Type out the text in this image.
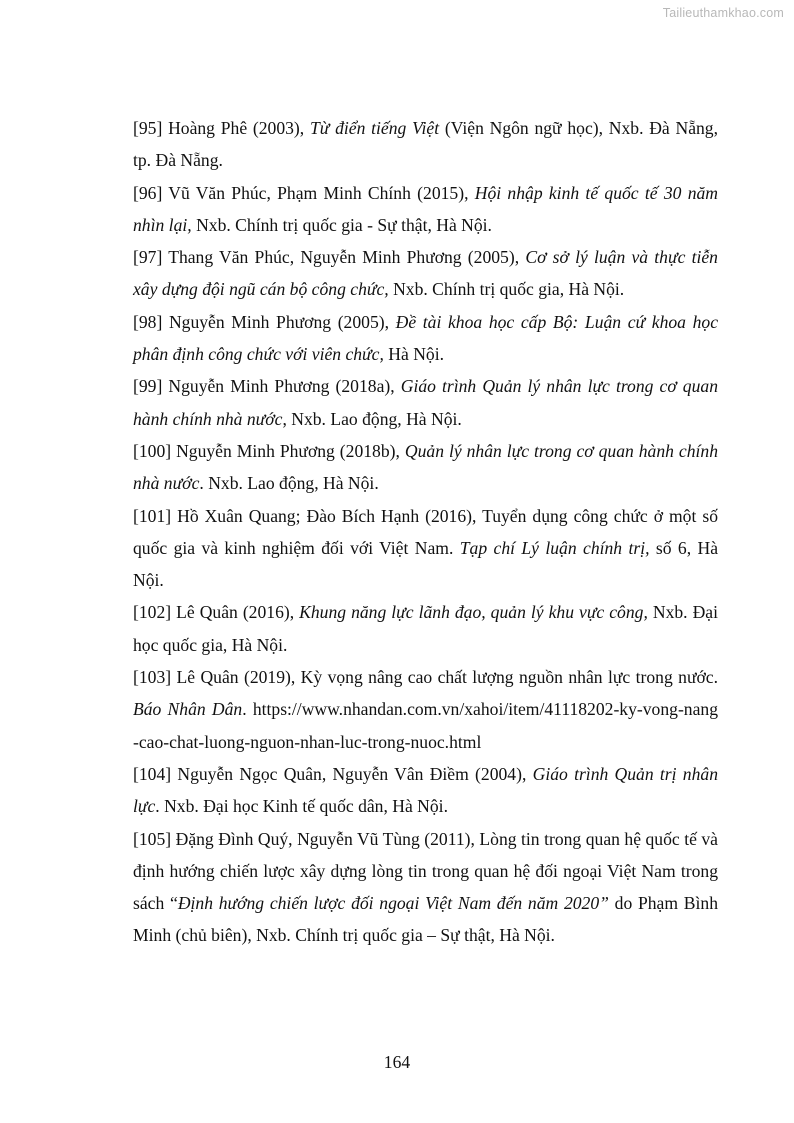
Tailieuthamkhao.com

[95] Hoàng Phê (2003), Từ điển tiếng Việt (Viện Ngôn ngữ học), Nxb. Đà Nẵng, tp. Đà Nẵng.

[96] Vũ Văn Phúc, Phạm Minh Chính (2015), Hội nhập kinh tế quốc tế 30 năm nhìn lại, Nxb. Chính trị quốc gia - Sự thật, Hà Nội.

[97] Thang Văn Phúc, Nguyễn Minh Phương (2005), Cơ sở lý luận và thực tiễn xây dựng đội ngũ cán bộ công chức, Nxb. Chính trị quốc gia, Hà Nội.

[98] Nguyễn Minh Phương (2005), Đề tài khoa học cấp Bộ: Luận cứ khoa học phân định công chức với viên chức, Hà Nội.

[99] Nguyễn Minh Phương (2018a), Giáo trình Quản lý nhân lực trong cơ quan hành chính nhà nước, Nxb. Lao động, Hà Nội.

[100] Nguyễn Minh Phương (2018b), Quản lý nhân lực trong cơ quan hành chính nhà nước. Nxb. Lao động, Hà Nội.

[101] Hồ Xuân Quang; Đào Bích Hạnh (2016), Tuyển dụng công chức ở một số quốc gia và kinh nghiệm đối với Việt Nam. Tạp chí Lý luận chính trị, số 6, Hà Nội.

[102] Lê Quân (2016), Khung năng lực lãnh đạo, quản lý khu vực công, Nxb. Đại học quốc gia, Hà Nội.

[103] Lê Quân (2019), Kỳ vọng nâng cao chất lượng nguồn nhân lực trong nước. Báo Nhân Dân. https://www.nhandan.com.vn/xahoi/item/41118202-ky-vong-nang-cao-chat-luong-nguon-nhan-luc-trong-nuoc.html

[104] Nguyễn Ngọc Quân, Nguyễn Vân Điềm (2004), Giáo trình Quản trị nhân lực. Nxb. Đại học Kinh tế quốc dân, Hà Nội.

[105] Đặng Đình Quý, Nguyễn Vũ Tùng (2011), Lòng tin trong quan hệ quốc tế và định hướng chiến lược xây dựng lòng tin trong quan hệ đối ngoại Việt Nam trong sách “Định hướng chiến lược đối ngoại Việt Nam đến năm 2020” do Phạm Bình Minh (chủ biên), Nxb. Chính trị quốc gia – Sự thật, Hà Nội.

164
